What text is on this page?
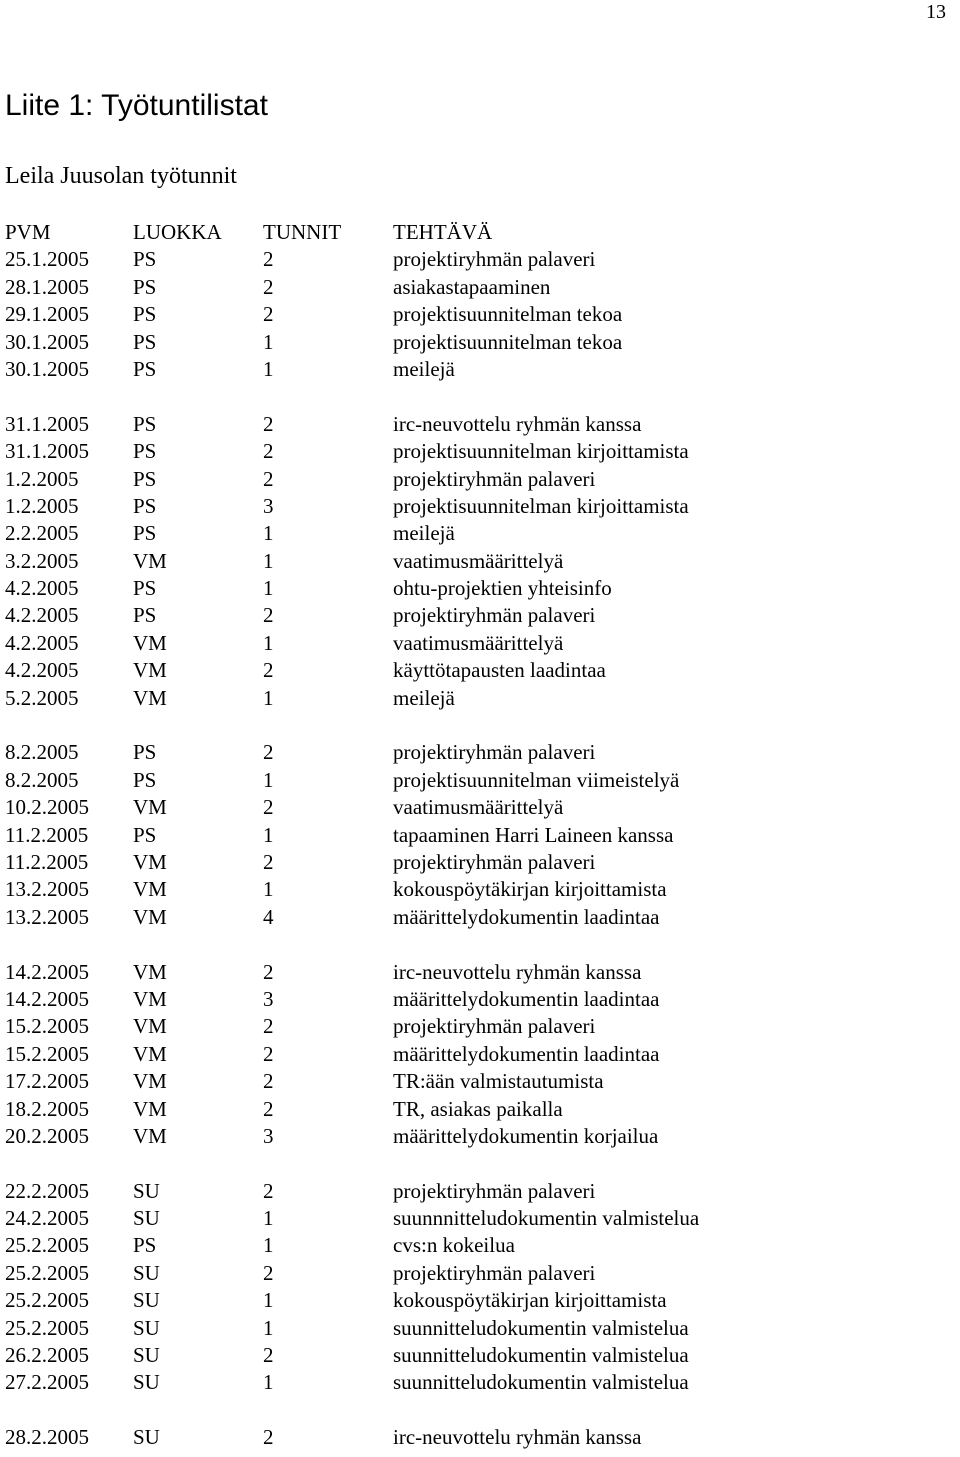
13
Liite 1: Työtuntilistat
Leila Juusolan työtunnit
PVM	LUOKKA TUNNIT TEHTÄVÄ
25.1.2005 PS	2	projektiryhmän palaveri
28.1.2005 PS	2	asiakastapaaminen
29.1.2005 PS	2	projektisuunnitelman tekoa
30.1.2005 PS	1	projektisuunnitelman tekoa
30.1.2005 PS	1	meilejä
31.1.2005 PS	2	irc-neuvottelu ryhmän kanssa
31.1.2005 PS	2	projektisuunnitelman kirjoittamista
1.2.2005	PS	2	projektiryhmän palaveri
1.2.2005	PS	3	projektisuunnitelman kirjoittamista
2.2.2005	PS	1	meilejä
3.2.2005	VM	1	vaatimusmäärittelyä
4.2.2005	PS	1	ohtu-projektien yhteisinfo
4.2.2005	PS	2	projektiryhmän palaveri
4.2.2005	VM	1	vaatimusmäärittelyä
4.2.2005	VM	2	käyttötapausten laadintaa
5.2.2005	VM	1	meilejä
8.2.2005	PS	2	projektiryhmän palaveri
8.2.2005	PS	1	projektisuunnitelman viimeistelyä
10.2.2005 VM	2	vaatimusmäärittelyä
11.2.2005 PS	1	tapaaminen Harri Laineen kanssa
11.2.2005 VM	2	projektiryhmän palaveri
13.2.2005 VM	1	kokouspöytäkirjan kirjoittamista
13.2.2005 VM	4	määrittelydokumentin laadintaa
14.2.2005 VM	2	irc-neuvottelu ryhmän kanssa
14.2.2005 VM	3	määrittelydokumentin laadintaa
15.2.2005 VM	2	projektiryhmän palaveri
15.2.2005 VM	2	määrittelydokumentin laadintaa
17.2.2005 VM	2	TR:ään valmistautumista
18.2.2005 VM	2	TR, asiakas paikalla
20.2.2005 VM	3	määrittelydokumentin korjailua
22.2.2005 SU	2	projektiryhmän palaveri
24.2.2005 SU	1	suunnnitteludokumentin valmistelua
25.2.2005 PS	1	cvs:n kokeilua
25.2.2005 SU	2	projektiryhmän palaveri
25.2.2005 SU	1	kokouspöytäkirjan kirjoittamista
25.2.2005 SU	1	suunnitteludokumentin valmistelua
26.2.2005 SU	2	suunnitteludokumentin valmistelua
27.2.2005 SU	1	suunnitteludokumentin valmistelua
28.2.2005 SU	2	irc-neuvottelu ryhmän kanssa
